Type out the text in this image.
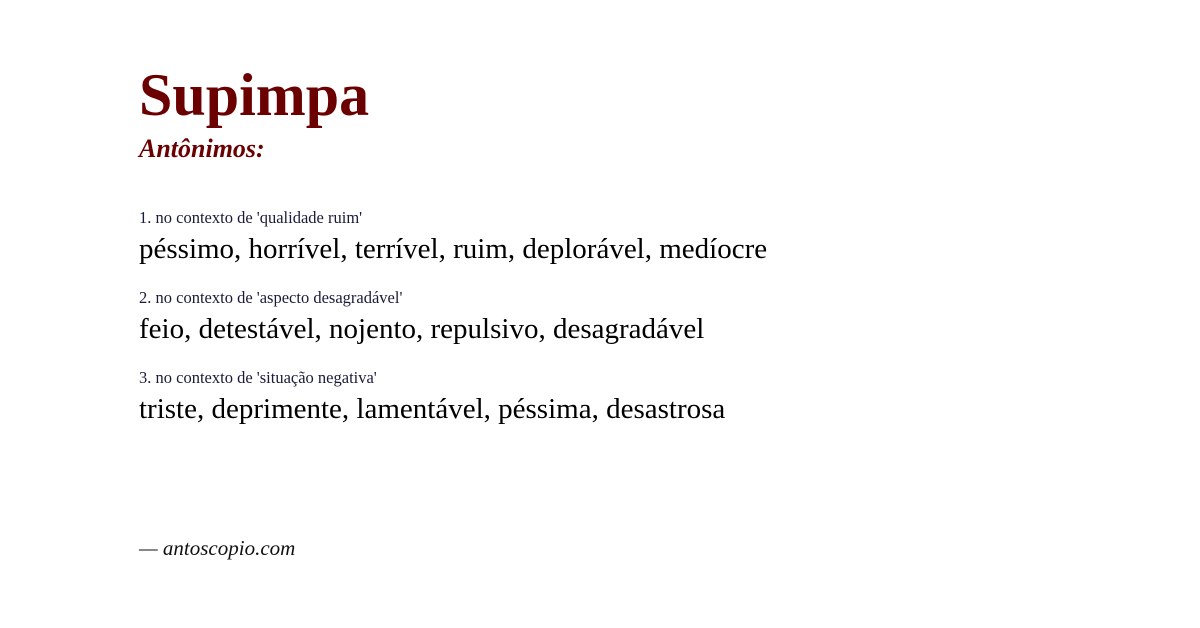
Supimpa
Antônimos:
1. no contexto de 'qualidade ruim'
péssimo, horrível, terrível, ruim, deplorável, medíocre
2. no contexto de 'aspecto desagradável'
feio, detestável, nojento, repulsivo, desagradável
3. no contexto de 'situação negativa'
triste, deprimente, lamentável, péssima, desastrosa
— antoscopio.com
